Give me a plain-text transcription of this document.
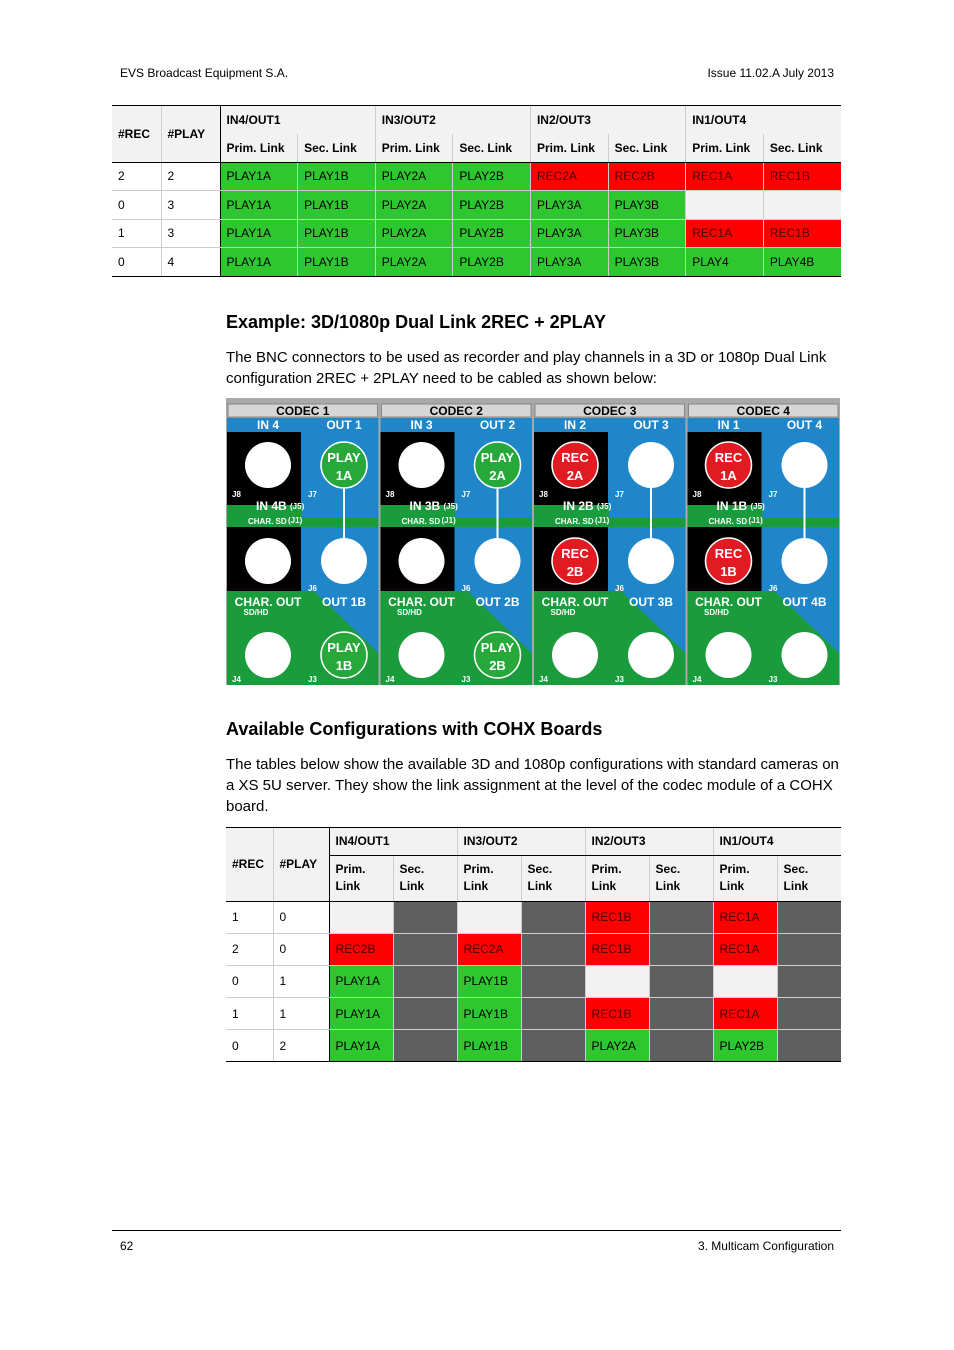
EVS Broadcast Equipment S.A.	Issue 11.02.A July 2013
#REC	#PLAY	IN4/OUT1		IN3/OUT2		IN2/OUT3		IN1/OUT4	
		Prim. Link	Sec. Link	Prim. Link	Sec. Link	Prim. Link	Sec. Link	Prim. Link	Sec. Link
2	2	PLAY1A	PLAY1B	PLAY2A	PLAY2B	REC2A	REC2B	REC1A	REC1B
0	3	PLAY1A	PLAY1B	PLAY2A	PLAY2B	PLAY3A	PLAY3B		
1	3	PLAY1A	PLAY1B	PLAY2A	PLAY2B	PLAY3A	PLAY3B	REC1A	REC1B
0	4	PLAY1A	PLAY1B	PLAY2A	PLAY2B	PLAY3A	PLAY3B	PLAY4	PLAY4B
Example: 3D/1080p Dual Link 2REC + 2PLAY

The BNC connectors to be used as recorder and play channels in a 3D or 1080p Dual Link configuration 2REC + 2PLAY need to be cabled as shown below:

CODEC 1
IN 4	OUT 1
PLAY
1A
PLAY
1B
J8	J7
IN 4B (J5)
CHAR. SD (J1)
J6
CHAR. OUT
SD/HD
OUT 1B
J4	J3
CODEC 2
IN 3	OUT 2
PLAY
2A
PLAY
2B
J8	J7
IN 3B (J5)
CHAR. SD (J1)
J6
CHAR. OUT
SD/HD
OUT 2B
J4	J3
CODEC 3
IN 2	OUT 3
REC
2A
REC
2B
J8	J7
IN 2B (J5)
CHAR. SD (J1)
J6
CHAR. OUT
SD/HD
OUT 3B
J4	J3
CODEC 4
IN 1	OUT 4
REC
1A
REC
1B
J8	J7
IN 1B (J5)
CHAR. SD (J1)
J6
CHAR. OUT
SD/HD
OUT 4B
J4	J3
Available Configurations with COHX Boards

The tables below show the available 3D and 1080p configurations with standard cameras on a XS 5U server. They show the link assignment at the level of the codec module of a COHX board.

#REC	#PLAY	IN4/OUT1		IN3/OUT2		IN2/OUT3		IN1/OUT4	
		Prim. Link	Sec. Link	Prim. Link	Sec. Link	Prim. Link	Sec. Link	Prim. Link	Sec. Link
1	0					REC1B		REC1A	
2	0	REC2B		REC2A		REC1B		REC1A	
0	1	PLAY1A		PLAY1B					
1	1	PLAY1A		PLAY1B		REC1B		REC1A	
0	2	PLAY1A		PLAY1B		PLAY2A		PLAY2B	
62	3. Multicam Configuration
